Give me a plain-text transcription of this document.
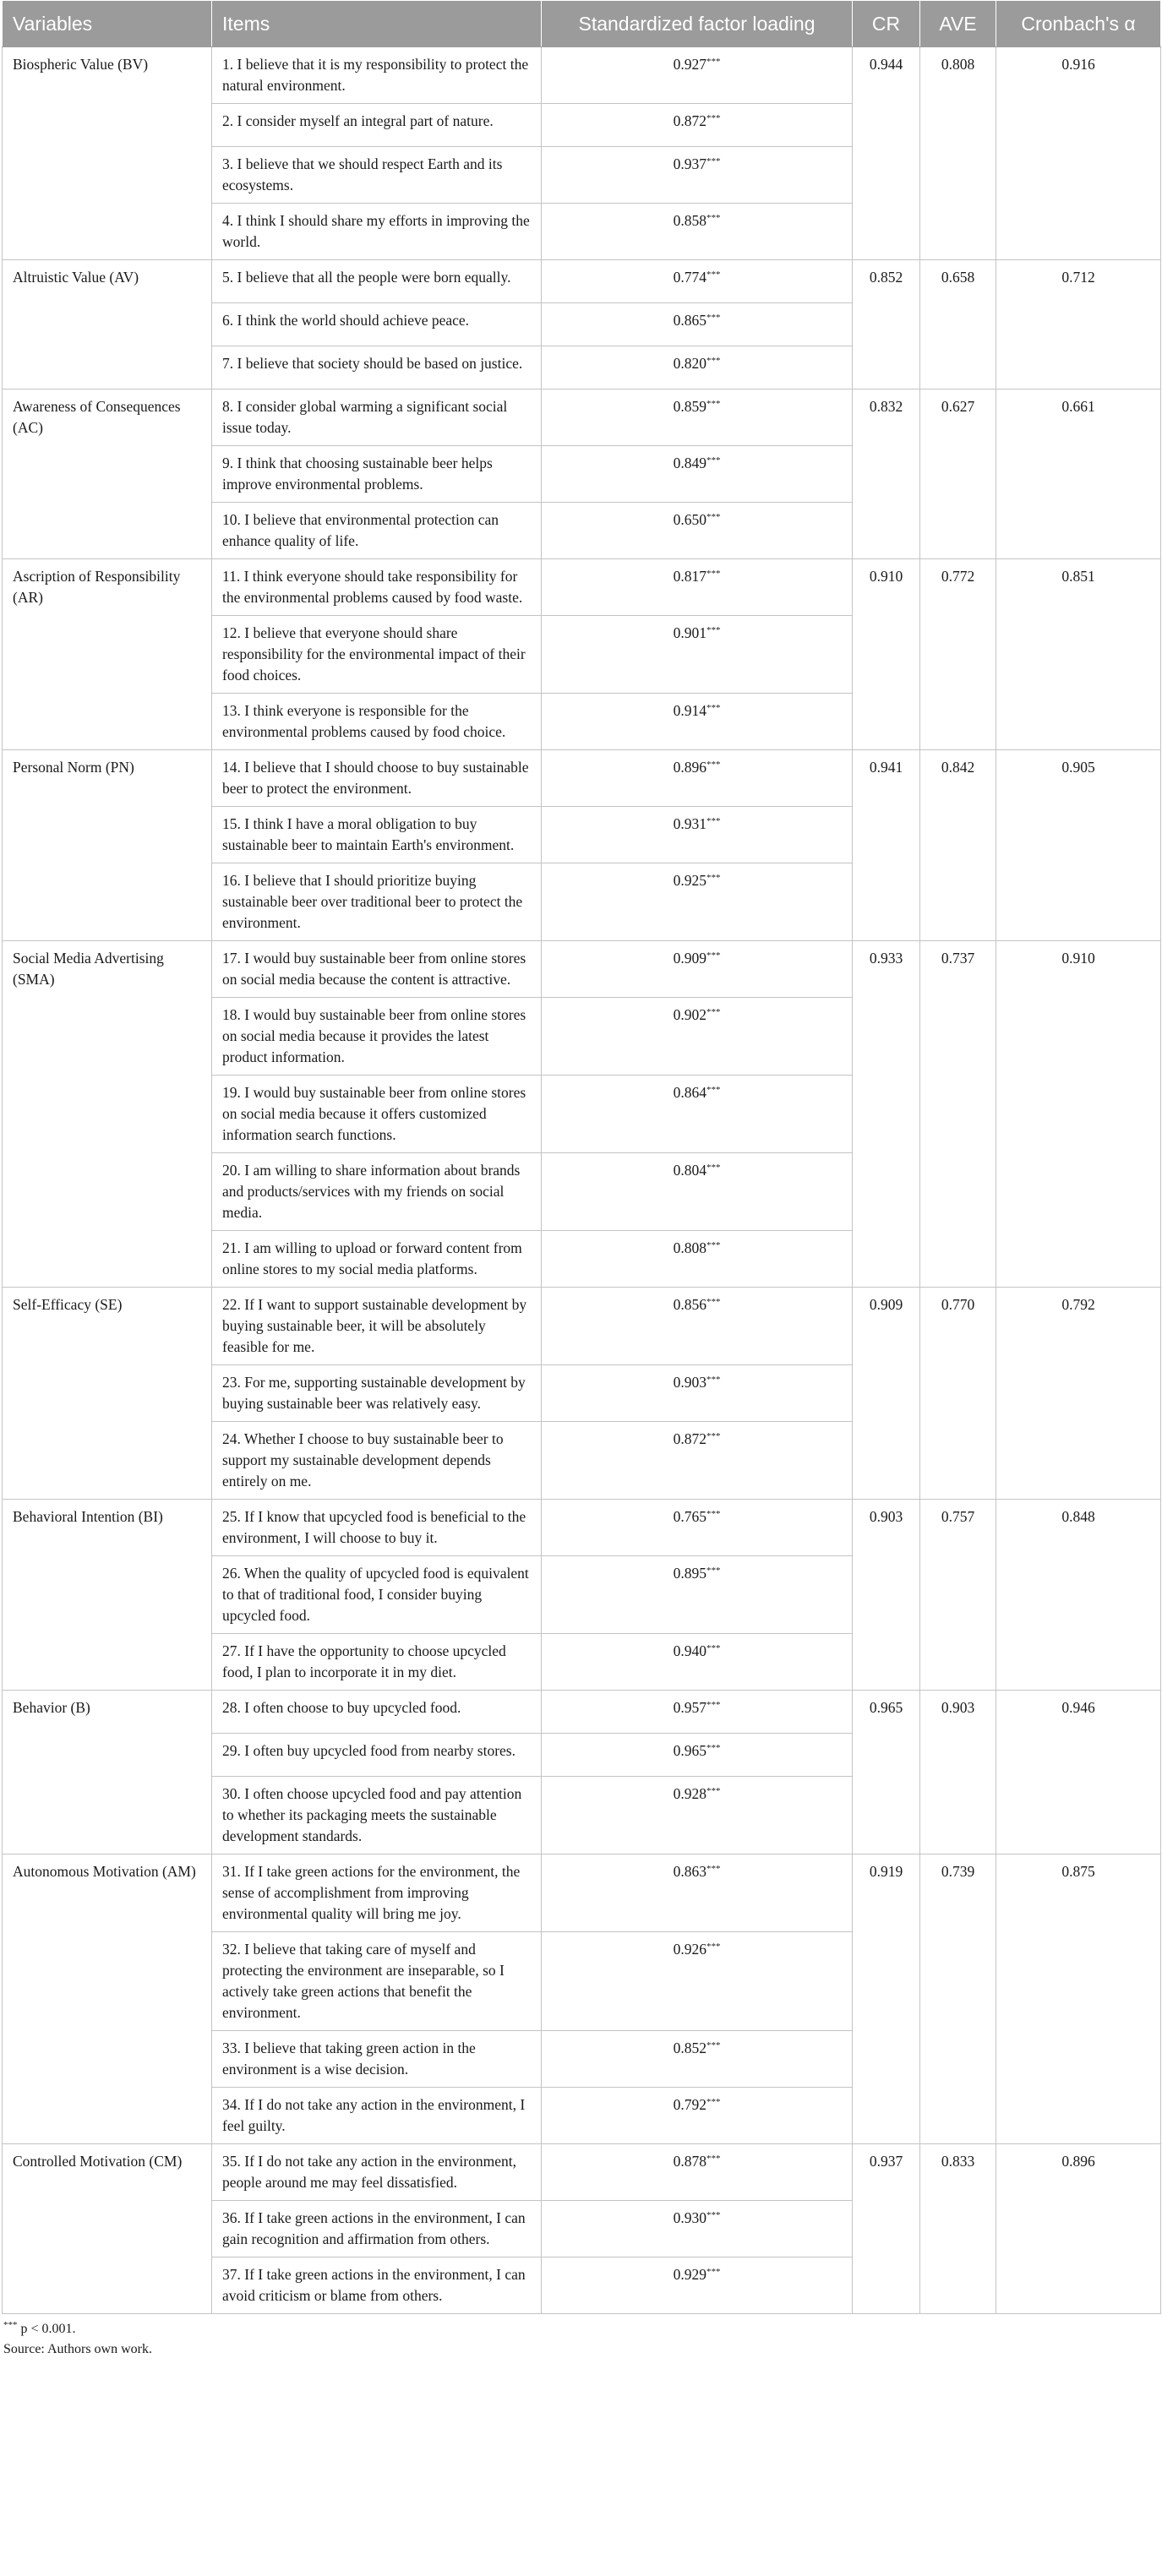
Variables	Items	Standardized factor loading	CR	AVE	Cronbach's α
Biospheric Value (BV)	1. I believe that it is my responsibility to protect the natural environment.	0.927***	0.944	0.808	0.916
	2. I consider myself an integral part of nature.	0.872***
	3. I believe that we should respect Earth and its ecosystems.	0.937***
	4. I think I should share my efforts in improving the world.	0.858***
Altruistic Value (AV)	5. I believe that all the people were born equally.	0.774***	0.852	0.658	0.712
	6. I think the world should achieve peace.	0.865***
	7. I believe that society should be based on justice.	0.820***
Awareness of Consequences (AC)	8. I consider global warming a significant social issue today.	0.859***	0.832	0.627	0.661
	9. I think that choosing sustainable beer helps improve environmental problems.	0.849***
	10. I believe that environmental protection can enhance quality of life.	0.650***
Ascription of Responsibility (AR)	11. I think everyone should take responsibility for the environmental problems caused by food waste.	0.817***	0.910	0.772	0.851
	12. I believe that everyone should share responsibility for the environmental impact of their food choices.	0.901***
	13. I think everyone is responsible for the environmental problems caused by food choice.	0.914***
Personal Norm (PN)	14. I believe that I should choose to buy sustainable beer to protect the environment.	0.896***	0.941	0.842	0.905
	15. I think I have a moral obligation to buy sustainable beer to maintain Earth's environment.	0.931***
	16. I believe that I should prioritize buying sustainable beer over traditional beer to protect the environment.	0.925***
Social Media Advertising (SMA)	17. I would buy sustainable beer from online stores on social media because the content is attractive.	0.909***	0.933	0.737	0.910
	18. I would buy sustainable beer from online stores on social media because it provides the latest product information.	0.902***
	19. I would buy sustainable beer from online stores on social media because it offers customized information search functions.	0.864***
	20. I am willing to share information about brands and products/services with my friends on social media.	0.804***
	21. I am willing to upload or forward content from online stores to my social media platforms.	0.808***
Self-Efficacy (SE)	22. If I want to support sustainable development by buying sustainable beer, it will be absolutely feasible for me.	0.856***	0.909	0.770	0.792
	23. For me, supporting sustainable development by buying sustainable beer was relatively easy.	0.903***
	24. Whether I choose to buy sustainable beer to support my sustainable development depends entirely on me.	0.872***
Behavioral Intention (BI)	25. If I know that upcycled food is beneficial to the environment, I will choose to buy it.	0.765***	0.903	0.757	0.848
	26. When the quality of upcycled food is equivalent to that of traditional food, I consider buying upcycled food.	0.895***
	27. If I have the opportunity to choose upcycled food, I plan to incorporate it in my diet.	0.940***
Behavior (B)	28. I often choose to buy upcycled food.	0.957***	0.965	0.903	0.946
	29. I often buy upcycled food from nearby stores.	0.965***
	30. I often choose upcycled food and pay attention to whether its packaging meets the sustainable development standards.	0.928***
Autonomous Motivation (AM)	31. If I take green actions for the environment, the sense of accomplishment from improving environmental quality will bring me joy.	0.863***	0.919	0.739	0.875
	32. I believe that taking care of myself and protecting the environment are inseparable, so I actively take green actions that benefit the environment.	0.926***
	33. I believe that taking green action in the environment is a wise decision.	0.852***
	34. If I do not take any action in the environment, I feel guilty.	0.792***
Controlled Motivation (CM)	35. If I do not take any action in the environment, people around me may feel dissatisfied.	0.878***	0.937	0.833	0.896
	36. If I take green actions in the environment, I can gain recognition and affirmation from others.	0.930***
	37. If I take green actions in the environment, I can avoid criticism or blame from others.	0.929***
*** p < 0.001.
Source: Authors own work.
